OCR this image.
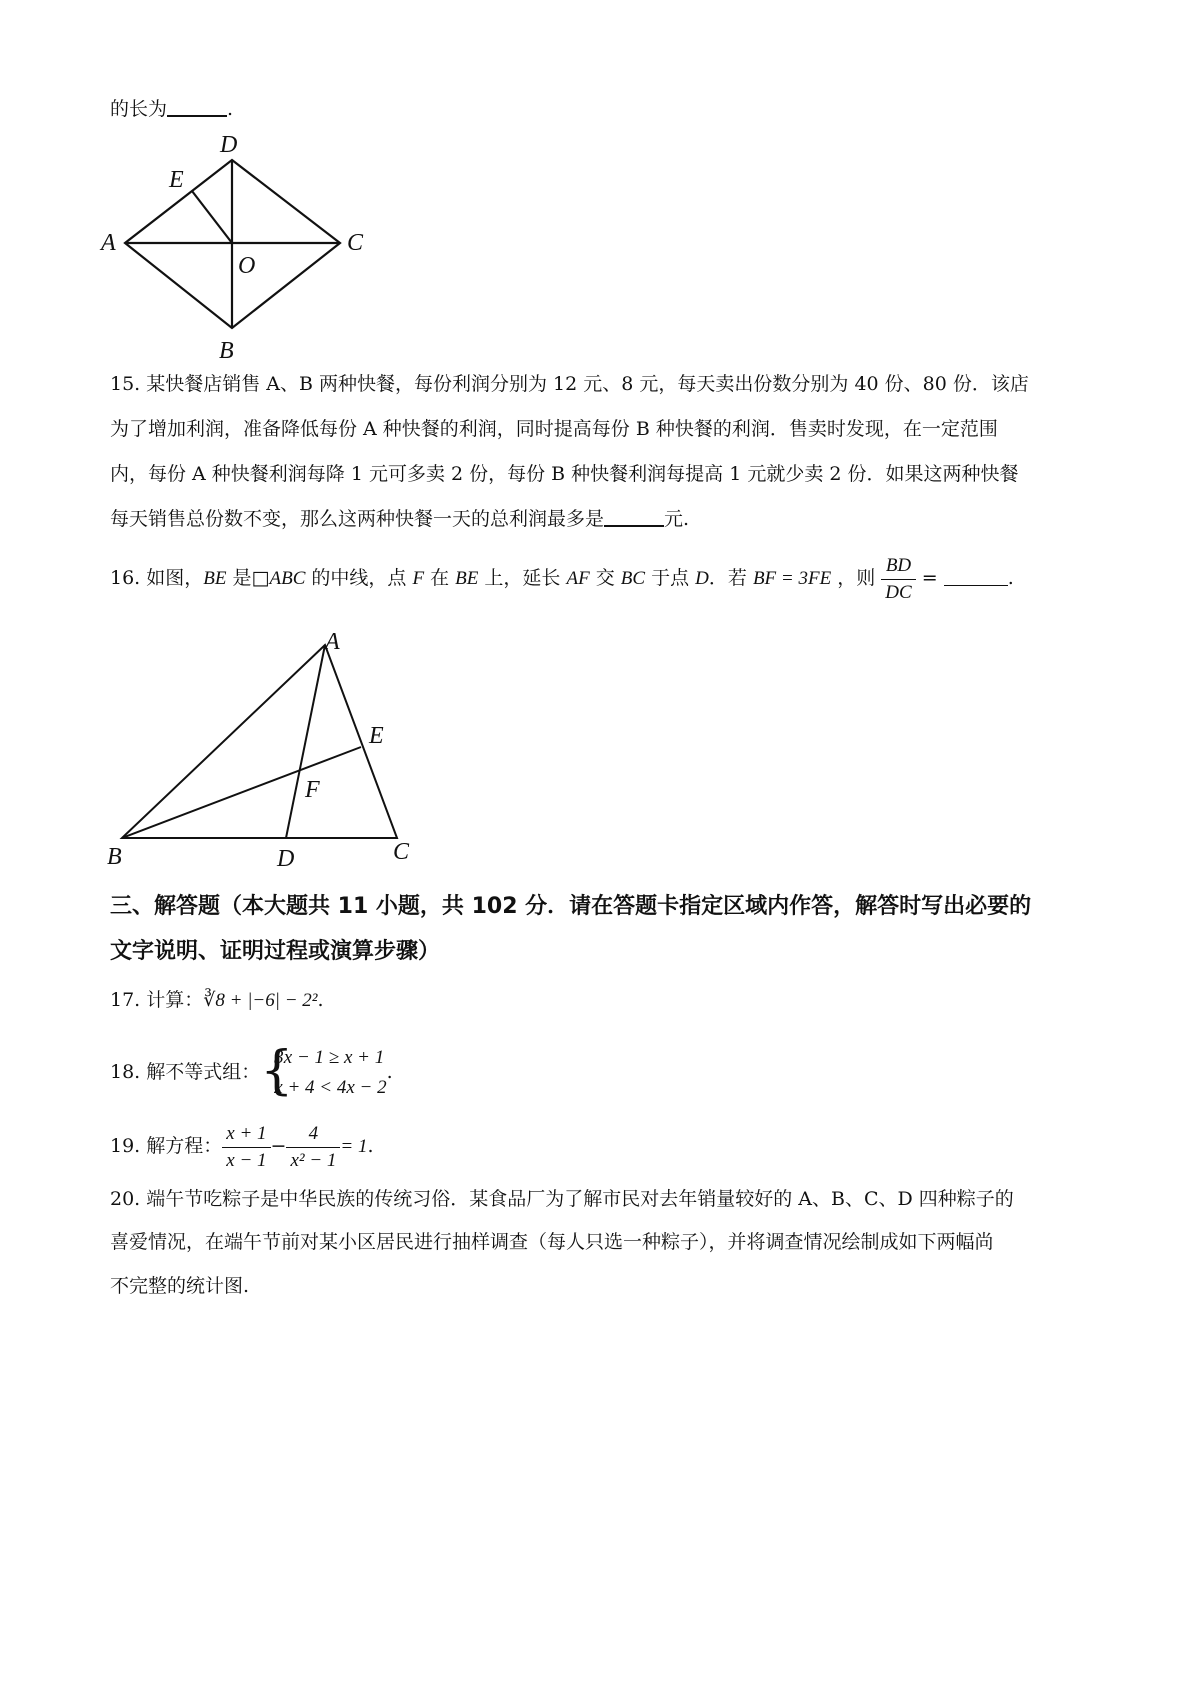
的长为	.
D
E
A
O
C
B
15. 某快餐店销售 A、B 两种快餐，每份利润分别为 12 元、8 元，每天卖出份数分别为 40 份、80 份．该店
为了增加利润，准备降低每份 A 种快餐的利润，同时提高每份 B 种快餐的利润．售卖时发现，在一定范围
内，每份 A 种快餐利润每降 1 元可多卖 2 份，每份 B 种快餐利润每提高 1 元就少卖 2 份．如果这两种快餐
每天销售总份数不变，那么这两种快餐一天的总利润最多是	元.
16. 如图，BE 是□ABC 的中线，点 F 在 BE 上，延长 AF 交 BC 于点 D．若 BF = 3FE ，则 $\frac{BD}{DC}$ =	.
A
E
F
B	D	C
三、解答题（本大题共 11 小题，共 102 分．请在答题卡指定区域内作答，解答时写出必要的
文字说明、证明过程或演算步骤）
17. 计算：∛8 + |−6| − 2².
18. 解不等式组： {
3x − 1 ≥ x + 1
x + 4 < 4x − 2
.
19. 解方程： $\frac{x + 1}{x - 1} - \frac{4}{\text{x² − 1}} = 1$.
20. 端午节吃粽子是中华民族的传统习俗．某食品厂为了解市民对去年销量较好的 A、B、C、D 四种粽子的
喜爱情况，在端午节前对某小区居民进行抽样调查（每人只选一种粽子），并将调查情况绘制成如下两幅尚
不完整的统计图.
